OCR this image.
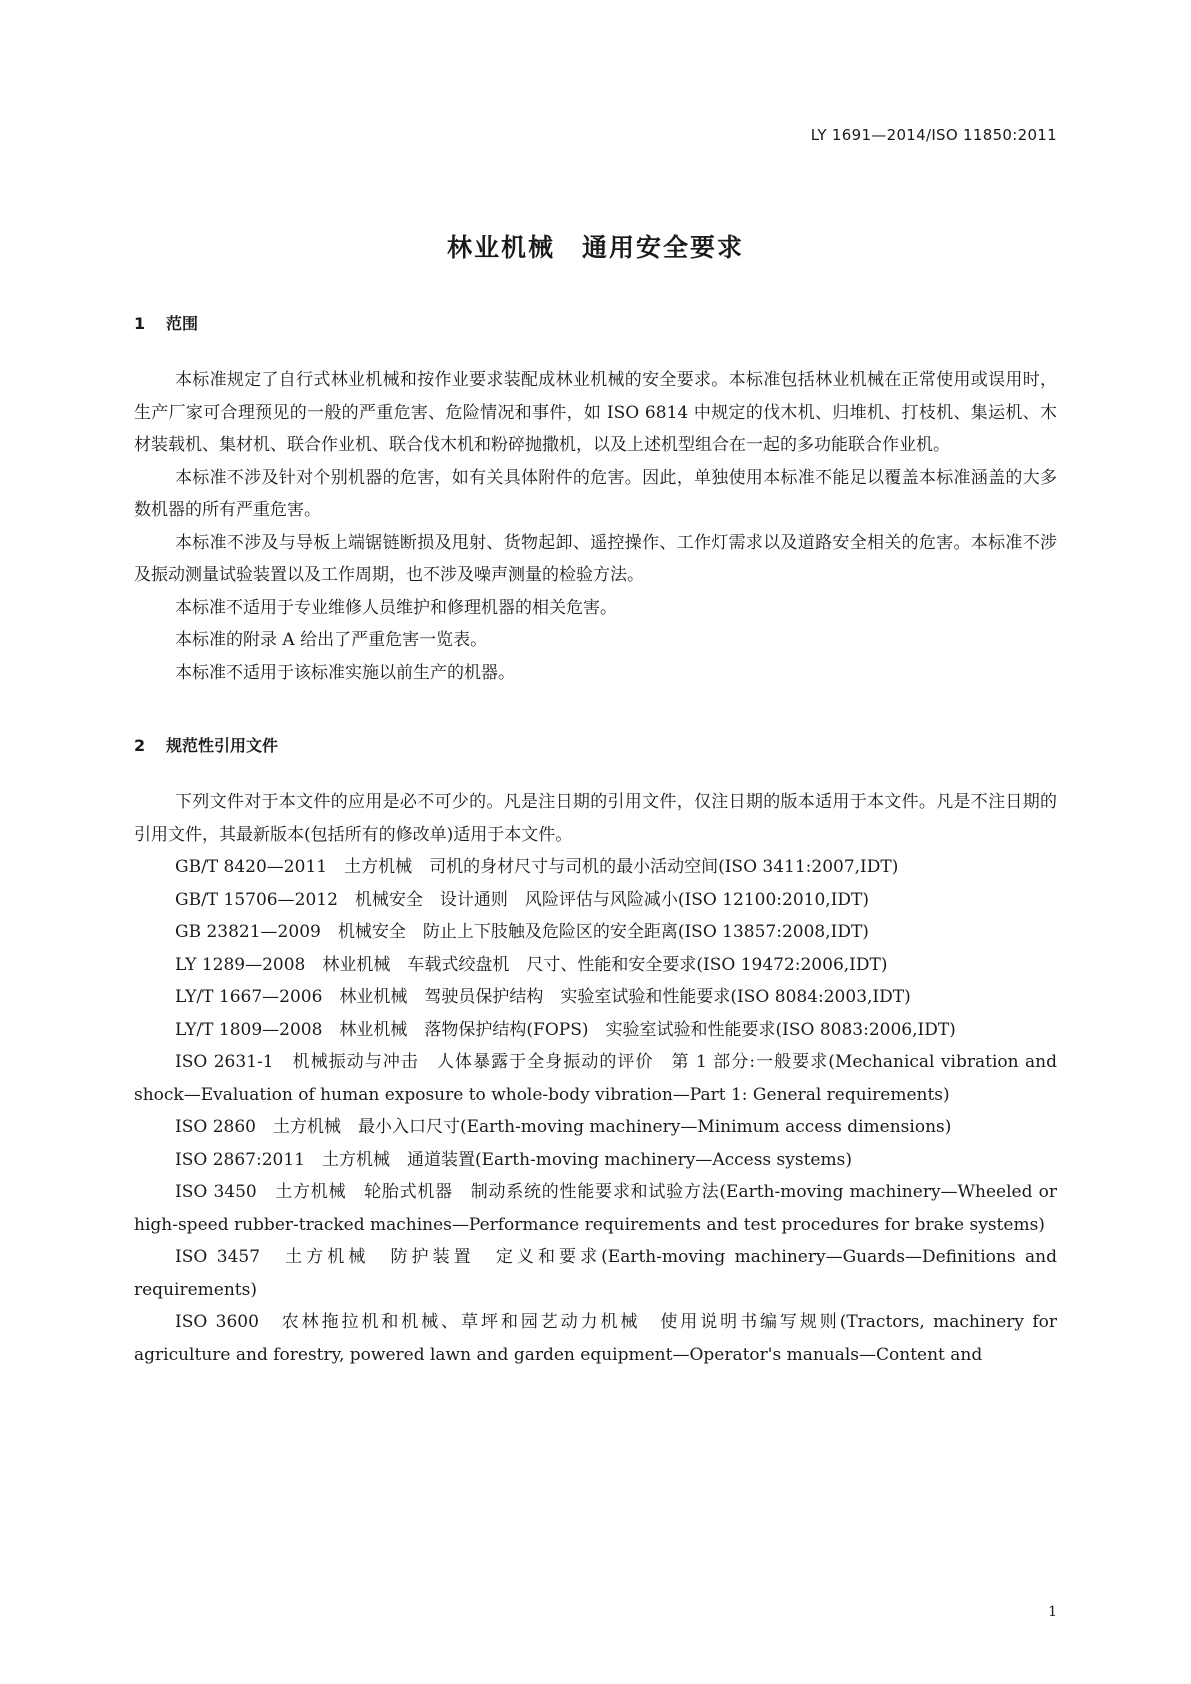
LY 1691—2014/ISO 11850:2011
林业机械　通用安全要求
1 范围

本标准规定了自行式林业机械和按作业要求装配成林业机械的安全要求。本标准包括林业机械在正常使用或误用时，生产厂家可合理预见的一般的严重危害、危险情况和事件，如 ISO 6814 中规定的伐木机、归堆机、打枝机、集运机、木材装载机、集材机、联合作业机、联合伐木机和粉碎抛撒机，以及上述机型组合在一起的多功能联合作业机。

本标准不涉及针对个别机器的危害，如有关具体附件的危害。因此，单独使用本标准不能足以覆盖本标准涵盖的大多数机器的所有严重危害。

本标准不涉及与导板上端锯链断损及甩射、货物起卸、遥控操作、工作灯需求以及道路安全相关的危害。本标准不涉及振动测量试验装置以及工作周期，也不涉及噪声测量的检验方法。

本标准不适用于专业维修人员维护和修理机器的相关危害。

本标准的附录 A 给出了严重危害一览表。

本标准不适用于该标准实施以前生产的机器。

2 规范性引用文件

下列文件对于本文件的应用是必不可少的。凡是注日期的引用文件，仅注日期的版本适用于本文件。凡是不注日期的引用文件，其最新版本(包括所有的修改单)适用于本文件。

GB/T 8420—2011　土方机械　司机的身材尺寸与司机的最小活动空间(ISO 3411:2007,IDT)

GB/T 15706—2012　机械安全　设计通则　风险评估与风险减小(ISO 12100:2010,IDT)

GB 23821—2009　机械安全　防止上下肢触及危险区的安全距离(ISO 13857:2008,IDT)

LY 1289—2008　林业机械　车载式绞盘机　尺寸、性能和安全要求(ISO 19472:2006,IDT)

LY/T 1667—2006　林业机械　驾驶员保护结构　实验室试验和性能要求(ISO 8084:2003,IDT)

LY/T 1809—2008　林业机械　落物保护结构(FOPS)　实验室试验和性能要求(ISO 8083:2006,IDT)

ISO 2631-1　机械振动与冲击　人体暴露于全身振动的评价　第 1 部分:一般要求(Mechanical vibration and shock—Evaluation of human exposure to whole-body vibration—Part 1: General requirements)

ISO 2860　土方机械　最小入口尺寸(Earth-moving machinery—Minimum access dimensions)

ISO 2867:2011　土方机械　通道装置(Earth-moving machinery—Access systems)

ISO 3450　土方机械　轮胎式机器　制动系统的性能要求和试验方法(Earth-moving machinery—Wheeled or high-speed rubber-tracked machines—Performance requirements and test procedures for brake systems)

ISO 3457　土方机械　防护装置　定义和要求(Earth-moving machinery—Guards—Definitions and requirements)

ISO 3600　农林拖拉机和机械、草坪和园艺动力机械　使用说明书编写规则(Tractors, machinery for agriculture and forestry, powered lawn and garden equipment—Operator's manuals—Content and

1
